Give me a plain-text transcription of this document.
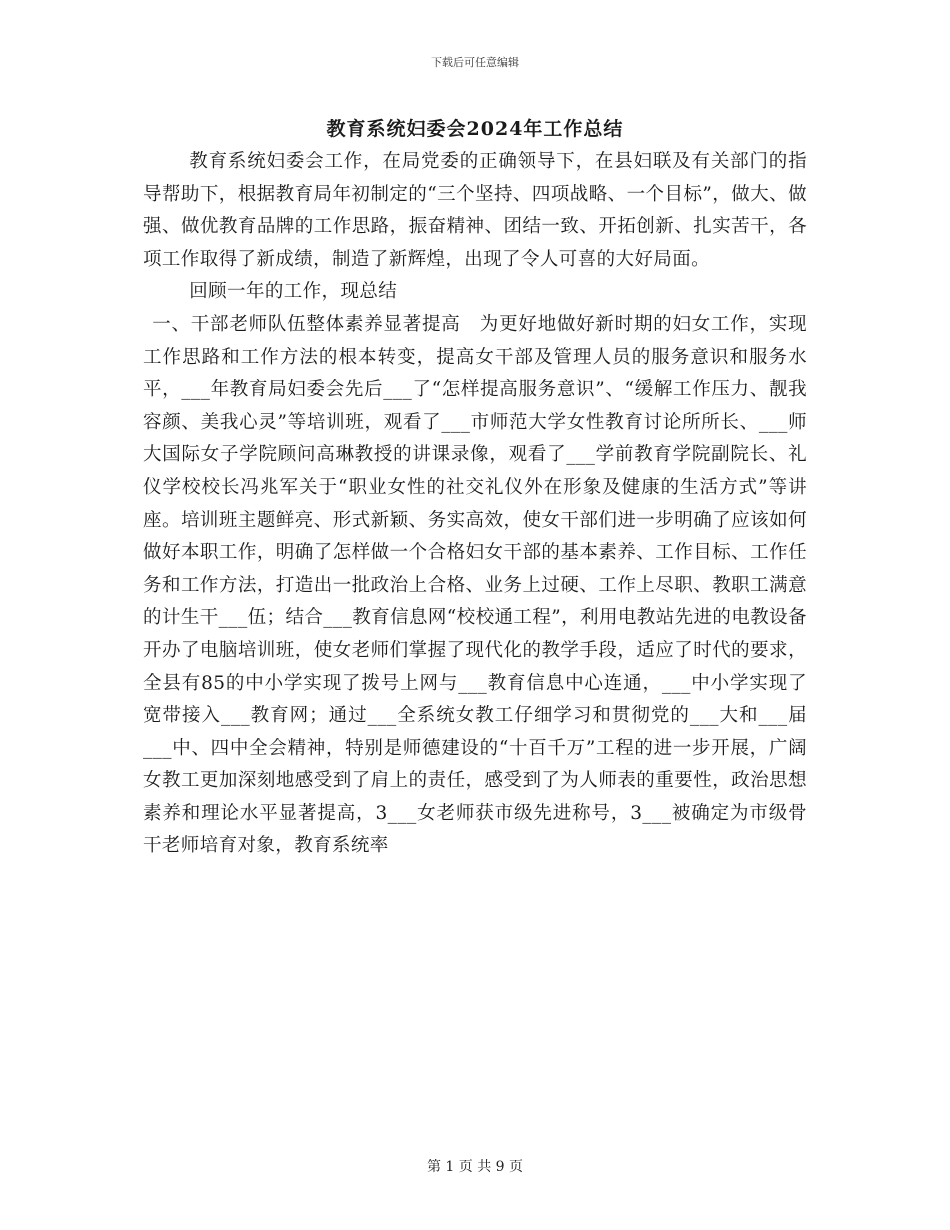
下载后可任意编辑
教育系统妇委会2024年工作总结

教育系统妇委会工作，在局党委的正确领导下，在县妇联及有关部门的指导帮助下，根据教育局年初制定的“三个坚持、四项战略、一个目标”，做大、做强、做优教育品牌的工作思路，振奋精神、团结一致、开拓创新、扎实苦干，各项工作取得了新成绩，制造了新辉煌，出现了令人可喜的大好局面。

回顾一年的工作，现总结

一、干部老师队伍整体素养显著提高　为更好地做好新时期的妇女工作，实现工作思路和工作方法的根本转变，提高女干部及管理人员的服务意识和服务水平，___年教育局妇委会先后___了“怎样提高服务意识”、“缓解工作压力、靓我容颜、美我心灵”等培训班，观看了___市师范大学女性教育讨论所所长、___师大国际女子学院顾问高琳教授的讲课录像，观看了___学前教育学院副院长、礼仪学校校长冯兆军关于“职业女性的社交礼仪外在形象及健康的生活方式”等讲座。培训班主题鲜亮、形式新颖、务实高效，使女干部们进一步明确了应该如何做好本职工作，明确了怎样做一个合格妇女干部的基本素养、工作目标、工作任务和工作方法，打造出一批政治上合格、业务上过硬、工作上尽职、教职工满意的计生干___伍；结合___教育信息网“校校通工程”，利用电教站先进的电教设备开办了电脑培训班，使女老师们掌握了现代化的教学手段，适应了时代的要求，全县有85的中小学实现了拨号上网与___教育信息中心连通，___中小学实现了宽带接入___教育网；通过___全系统女教工仔细学习和贯彻党的___大和___届___中、四中全会精神，特别是师德建设的“十百千万”工程的进一步开展，广阔女教工更加深刻地感受到了肩上的责任，感受到了为人师表的重要性，政治思想素养和理论水平显著提高，3___女老师获市级先进称号，3___被确定为市级骨干老师培育对象，教育系统率

第 1 页 共 9 页
